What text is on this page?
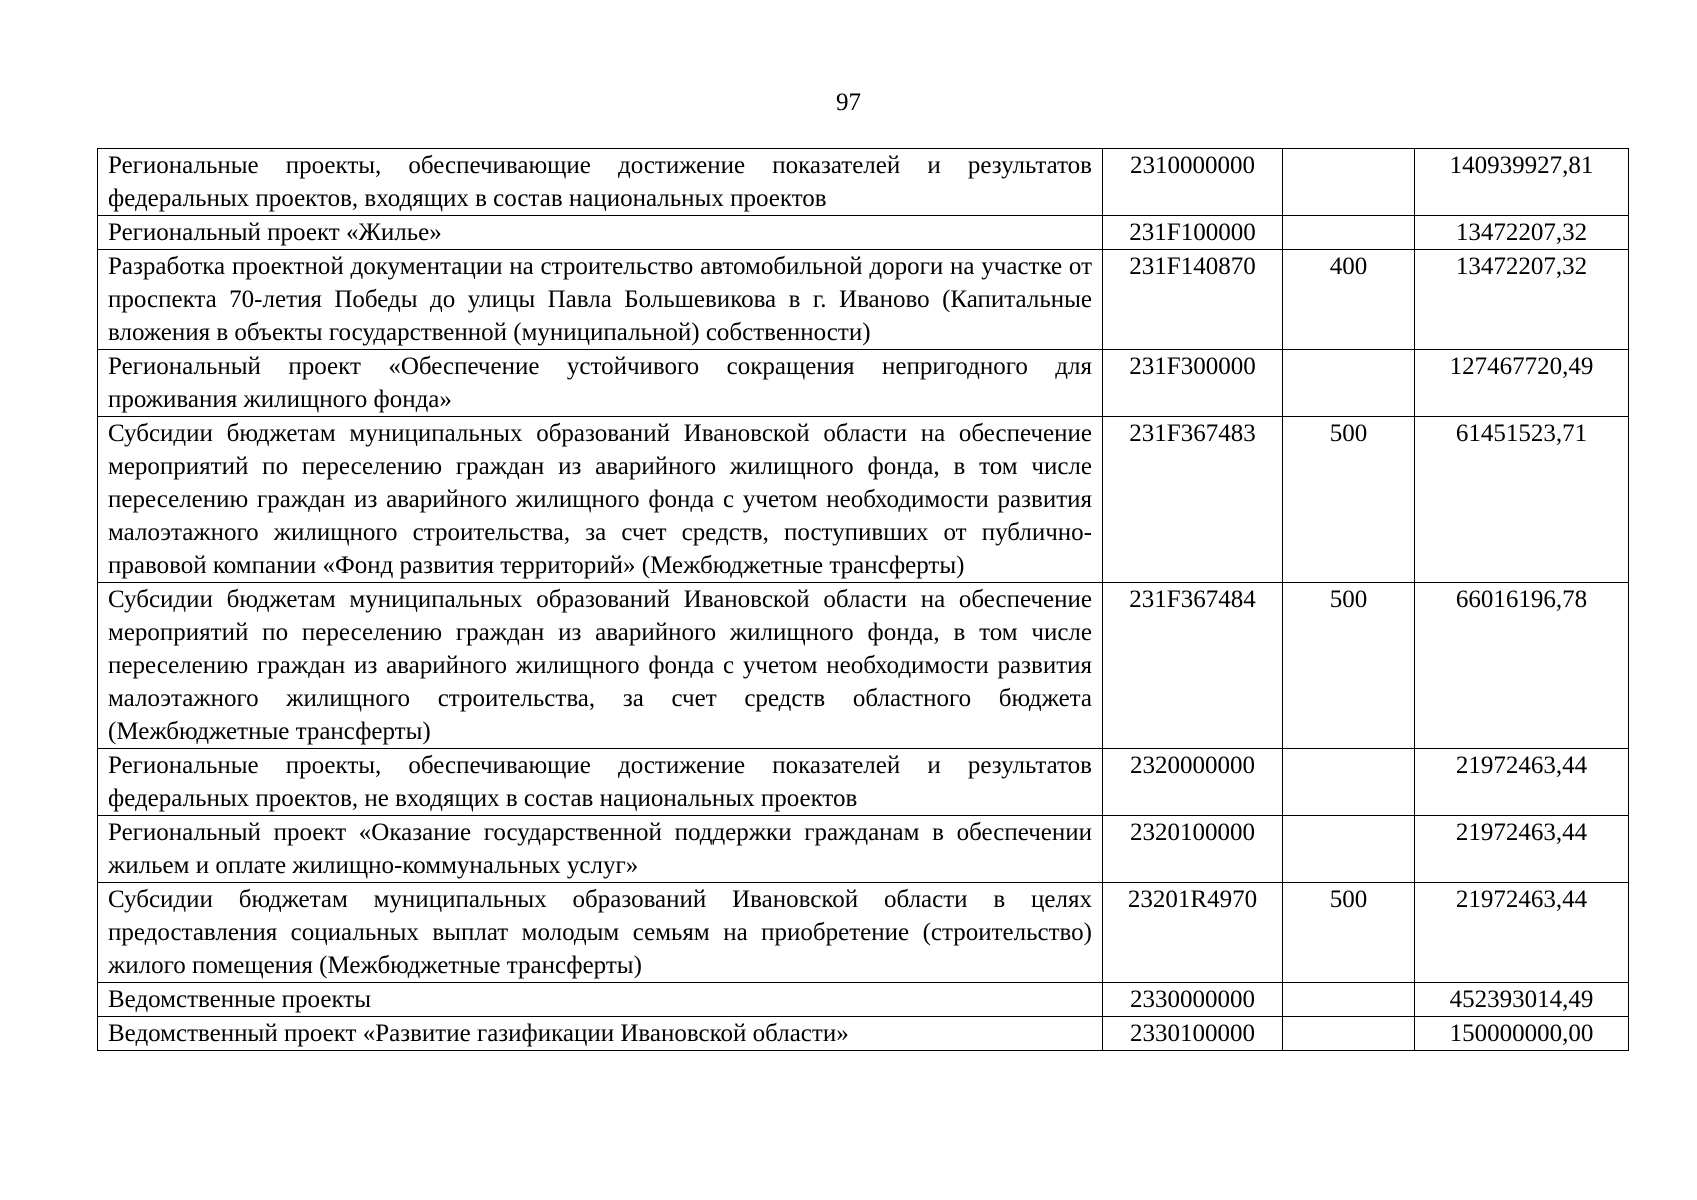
97
Региональные проекты, обеспечивающие достижение показателей и результатов федеральных проектов, входящих в состав национальных проектов	2310000000		140939927,81
Региональный проект «Жилье»	231F100000		13472207,32
Разработка проектной документации на строительство автомобильной дороги на участке от проспекта 70-летия Победы до улицы Павла Большевикова в г. Иваново (Капитальные вложения в объекты государственной (муниципальной) собственности)	231F140870	400	13472207,32
Региональный проект «Обеспечение устойчивого сокращения непригодного для проживания жилищного фонда»	231F300000		127467720,49
Субсидии бюджетам муниципальных образований Ивановской области на обеспечение мероприятий по переселению граждан из аварийного жилищного фонда, в том числе переселению граждан из аварийного жилищного фонда с учетом необходимости развития малоэтажного жилищного строительства, за счет средств, поступивших от публично-правовой компании «Фонд развития территорий» (Межбюджетные трансферты)	231F367483	500	61451523,71
Субсидии бюджетам муниципальных образований Ивановской области на обеспечение мероприятий по переселению граждан из аварийного жилищного фонда, в том числе переселению граждан из аварийного жилищного фонда с учетом необходимости развития малоэтажного жилищного строительства, за счет средств областного бюджета (Межбюджетные трансферты)	231F367484	500	66016196,78
Региональные проекты, обеспечивающие достижение показателей и результатов федеральных проектов, не входящих в состав национальных проектов	2320000000		21972463,44
Региональный проект «Оказание государственной поддержки гражданам в обеспечении жильем и оплате жилищно-коммунальных услуг»	2320100000		21972463,44
Субсидии бюджетам муниципальных образований Ивановской области в целях предоставления социальных выплат молодым семьям на приобретение (строительство) жилого помещения (Межбюджетные трансферты)	23201R4970	500	21972463,44
Ведомственные проекты	2330000000		452393014,49
Ведомственный проект «Развитие газификации Ивановской области»	2330100000		150000000,00
